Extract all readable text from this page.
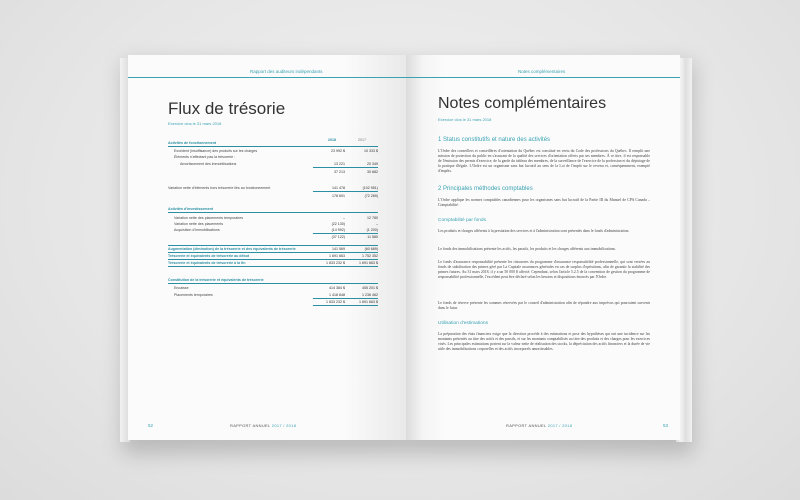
Rapport des auditeurs indépendants
Flux de trésorie
Exercice clos le 31 mars 2018
2018	2017
Activités de fonctionnement
Excédent (insuffisance) des produits sur les charges	23 992 $	10 333 $
Éléments n'affectant pas la trésorerie :
Amortissement des immobilisations	13 221	20 349
37 213	30 682
Variation nette d'éléments hors trésorerie liés au fonctionnement	141 478	(102 951)
178 691	(72 269)
Activités d'investissement
Variation nette des placements temporaires	–	12 780
Variation nette des placements	(22 130)	–
Acquisition d'immobilisations	(14 992)	(1 200)
(37 122)	11 580
Augmentation (diminution) de la trésorerie et des équivalents de trésorerie	141 569	(60 689)
Trésorerie et équivalents de trésorerie au début	1 691 663	1 752 352
Trésorerie et équivalents de trésorerie à la fin	1 833 232 $	1 691 663 $
Constitution de la trésorerie et équivalents de trésorerie
Encaisse	414 384 $	455 201 $
Placements temporaires	1 418 848	1 236 462
1 833 232 $	1 691 663 $
52	RAPPORT ANNUEL 2017 / 2018
Notes complémentaires
Notes complémentaires
Exercice clos le 31 mars 2018
1 Status constitutifs et nature des activités
L'Ordre des conseillers et conseillères d'orientation du Québec est constitué en vertu du Code des professions du Québec. Il remplit une mission de protection du public en s'assurant de la qualité des services d'orientation offerts par ses membres. À ce titre, il est responsable de l'émission des permis d'exercice, de la garde du tableau des membres, de la surveillance de l'exercice de la profession et du dépistage de la pratique illégale. L'Ordre est un organisme sans but lucratif au sens de la Loi de l'impôt sur le revenu et, conséquemment, exempté d'impôts.
2 Principales méthodes comptables
L'Ordre applique les normes comptables canadiennes pour les organismes sans but lucratif de la Partie III du Manuel de CPA Canada – Comptabilité.
Comptabilité par fonds
Les produits et charges afférents à la prestation des services et à l'administration sont présentés dans le fonds d'administration.
Le fonds des immobilisations présente les actifs, les passifs, les produits et les charges afférents aux immobilisations.
Le fonds d'assurance responsabilité présente les ristournes du programme d'assurance responsabilité professionnelle, qui sont versées au fonds de stabilisation des primes géré par La Capitale assurances générales en cas de surplus d'opérations, afin de garantir la stabilité des primes futures. Au 31 mars 2018, il y a un 50 000 $ affecté. Cependant, selon l'article 5.2.5 de la convention de gestion du programme de responsabilité professionnelle, l'excédent peut être déclaré selon les besoins et dispositions énoncés par l'Ordre.
Le fonds de réserve présente les sommes réservées par le conseil d'administration afin de répondre aux imprévus qui pourraient survenir dans le futur.
Utilisation d'estimations
La préparation des états financiers exige que la direction procède à des estimations et pose des hypothèses qui ont une incidence sur les montants présentés au titre des actifs et des passifs, et sur les montants comptabilisés au titre des produits et des charges pour les exercices visés. Les principales estimations portent sur la valeur nette de réalisation des stocks, la dépréciation des actifs financiers et la durée de vie utile des immobilisations corporelles et des actifs incorporels amortissables.
RAPPORT ANNUEL 2017 / 2018	53
